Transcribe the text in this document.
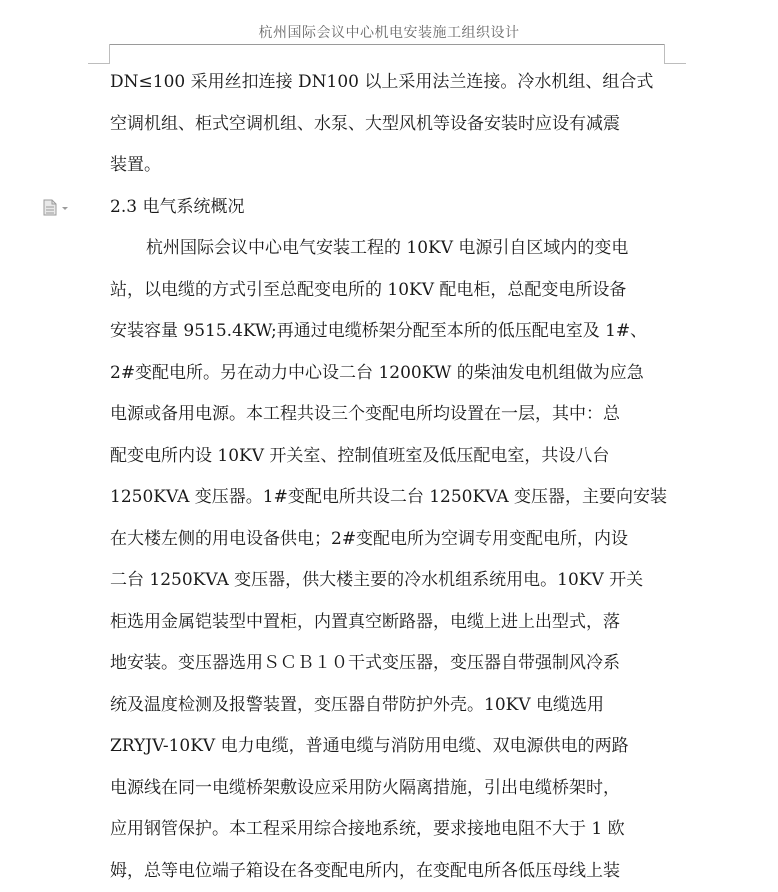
杭州国际会议中心机电安装施工组织设计
DN≤100 采用丝扣连接 DN100 以上采用法兰连接。冷水机组、组合式
空调机组、柜式空调机组、水泵、大型风机等设备安装时应设有减震
装置。
2.3 电气系统概况
杭州国际会议中心电气安装工程的 10KV 电源引自区域内的变电
站，以电缆的方式引至总配变电所的 10KV 配电柜，总配变电所设备
安装容量 9515.4KW;再通过电缆桥架分配至本所的低压配电室及 1#、
2#变配电所。另在动力中心设二台 1200KW 的柴油发电机组做为应急
电源或备用电源。本工程共设三个变配电所均设置在一层，其中：总
配变电所内设 10KV 开关室、控制值班室及低压配电室，共设八台
1250KVA 变压器。1#变配电所共设二台 1250KVA 变压器，主要向安装
在大楼左侧的用电设备供电；2#变配电所为空调专用变配电所，内设
二台 1250KVA 变压器，供大楼主要的冷水机组系统用电。10KV 开关
柜选用金属铠装型中置柜，内置真空断路器，电缆上进上出型式，落
地安装。变压器选用ＳＣＢ１０干式变压器，变压器自带强制风冷系
统及温度检测及报警装置，变压器自带防护外壳。10KV 电缆选用
ZRYJV-10KV 电力电缆，普通电缆与消防用电缆、双电源供电的两路
电源线在同一电缆桥架敷设应采用防火隔离措施，引出电缆桥架时，
应用钢管保护。本工程采用综合接地系统，要求接地电阻不大于 1 欧
姆，总等电位端子箱设在各变配电所内，在变配电所各低压母线上装
